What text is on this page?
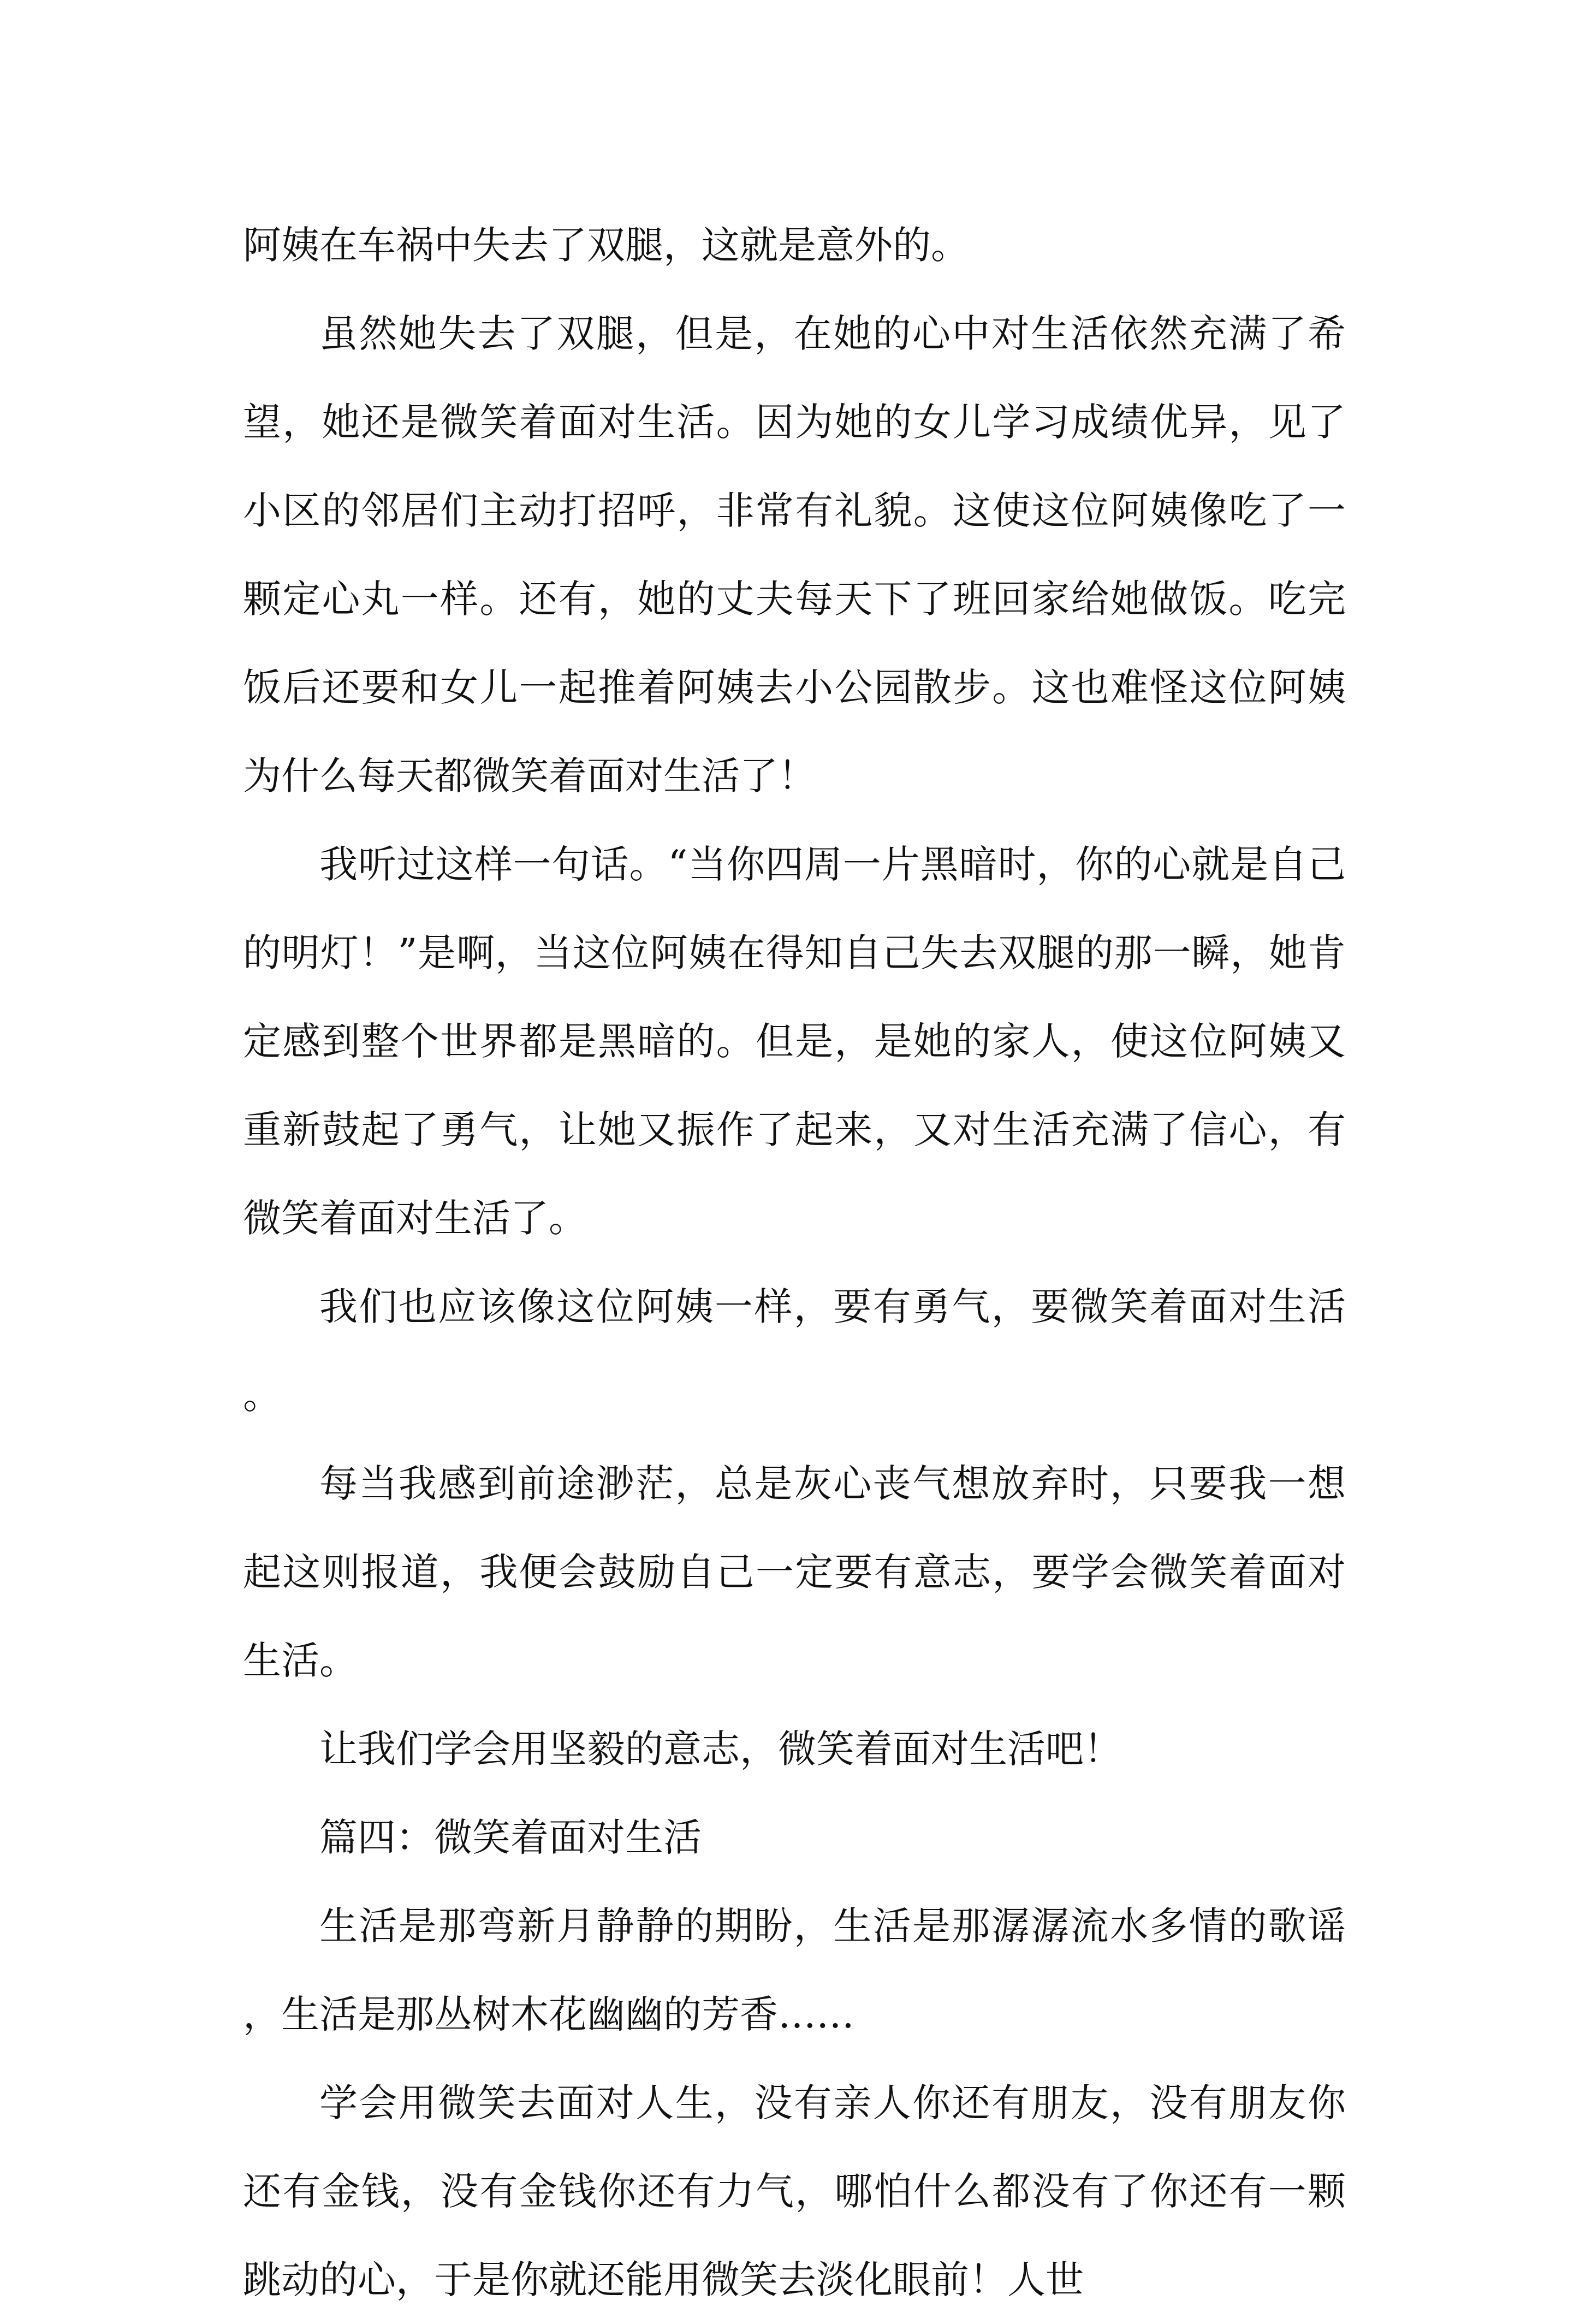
阿姨在车祸中失去了双腿，这就是意外的。

虽然她失去了双腿，但是，在她的心中对生活依然充满了希望，她还是微笑着面对生活。因为她的女儿学习成绩优异，见了小区的邻居们主动打招呼，非常有礼貌。这使这位阿姨像吃了一颗定心丸一样。还有，她的丈夫每天下了班回家给她做饭。吃完饭后还要和女儿一起推着阿姨去小公园散步。这也难怪这位阿姨为什么每天都微笑着面对生活了！

我听过这样一句话。“当你四周一片黑暗时，你的心就是自己的明灯！”是啊，当这位阿姨在得知自己失去双腿的那一瞬，她肯定感到整个世界都是黑暗的。但是，是她的家人，使这位阿姨又重新鼓起了勇气，让她又振作了起来，又对生活充满了信心，有微笑着面对生活了。

我们也应该像这位阿姨一样，要有勇气，要微笑着面对生活。

每当我感到前途渺茫，总是灰心丧气想放弃时，只要我一想起这则报道，我便会鼓励自己一定要有意志，要学会微笑着面对生活。

让我们学会用坚毅的意志，微笑着面对生活吧！

篇四：微笑着面对生活

生活是那弯新月静静的期盼，生活是那潺潺流水多情的歌谣，生活是那丛树木花幽幽的芳香……

学会用微笑去面对人生，没有亲人你还有朋友，没有朋友你还有金钱，没有金钱你还有力气，哪怕什么都没有了你还有一颗跳动的心，于是你就还能用微笑去淡化眼前！人世
